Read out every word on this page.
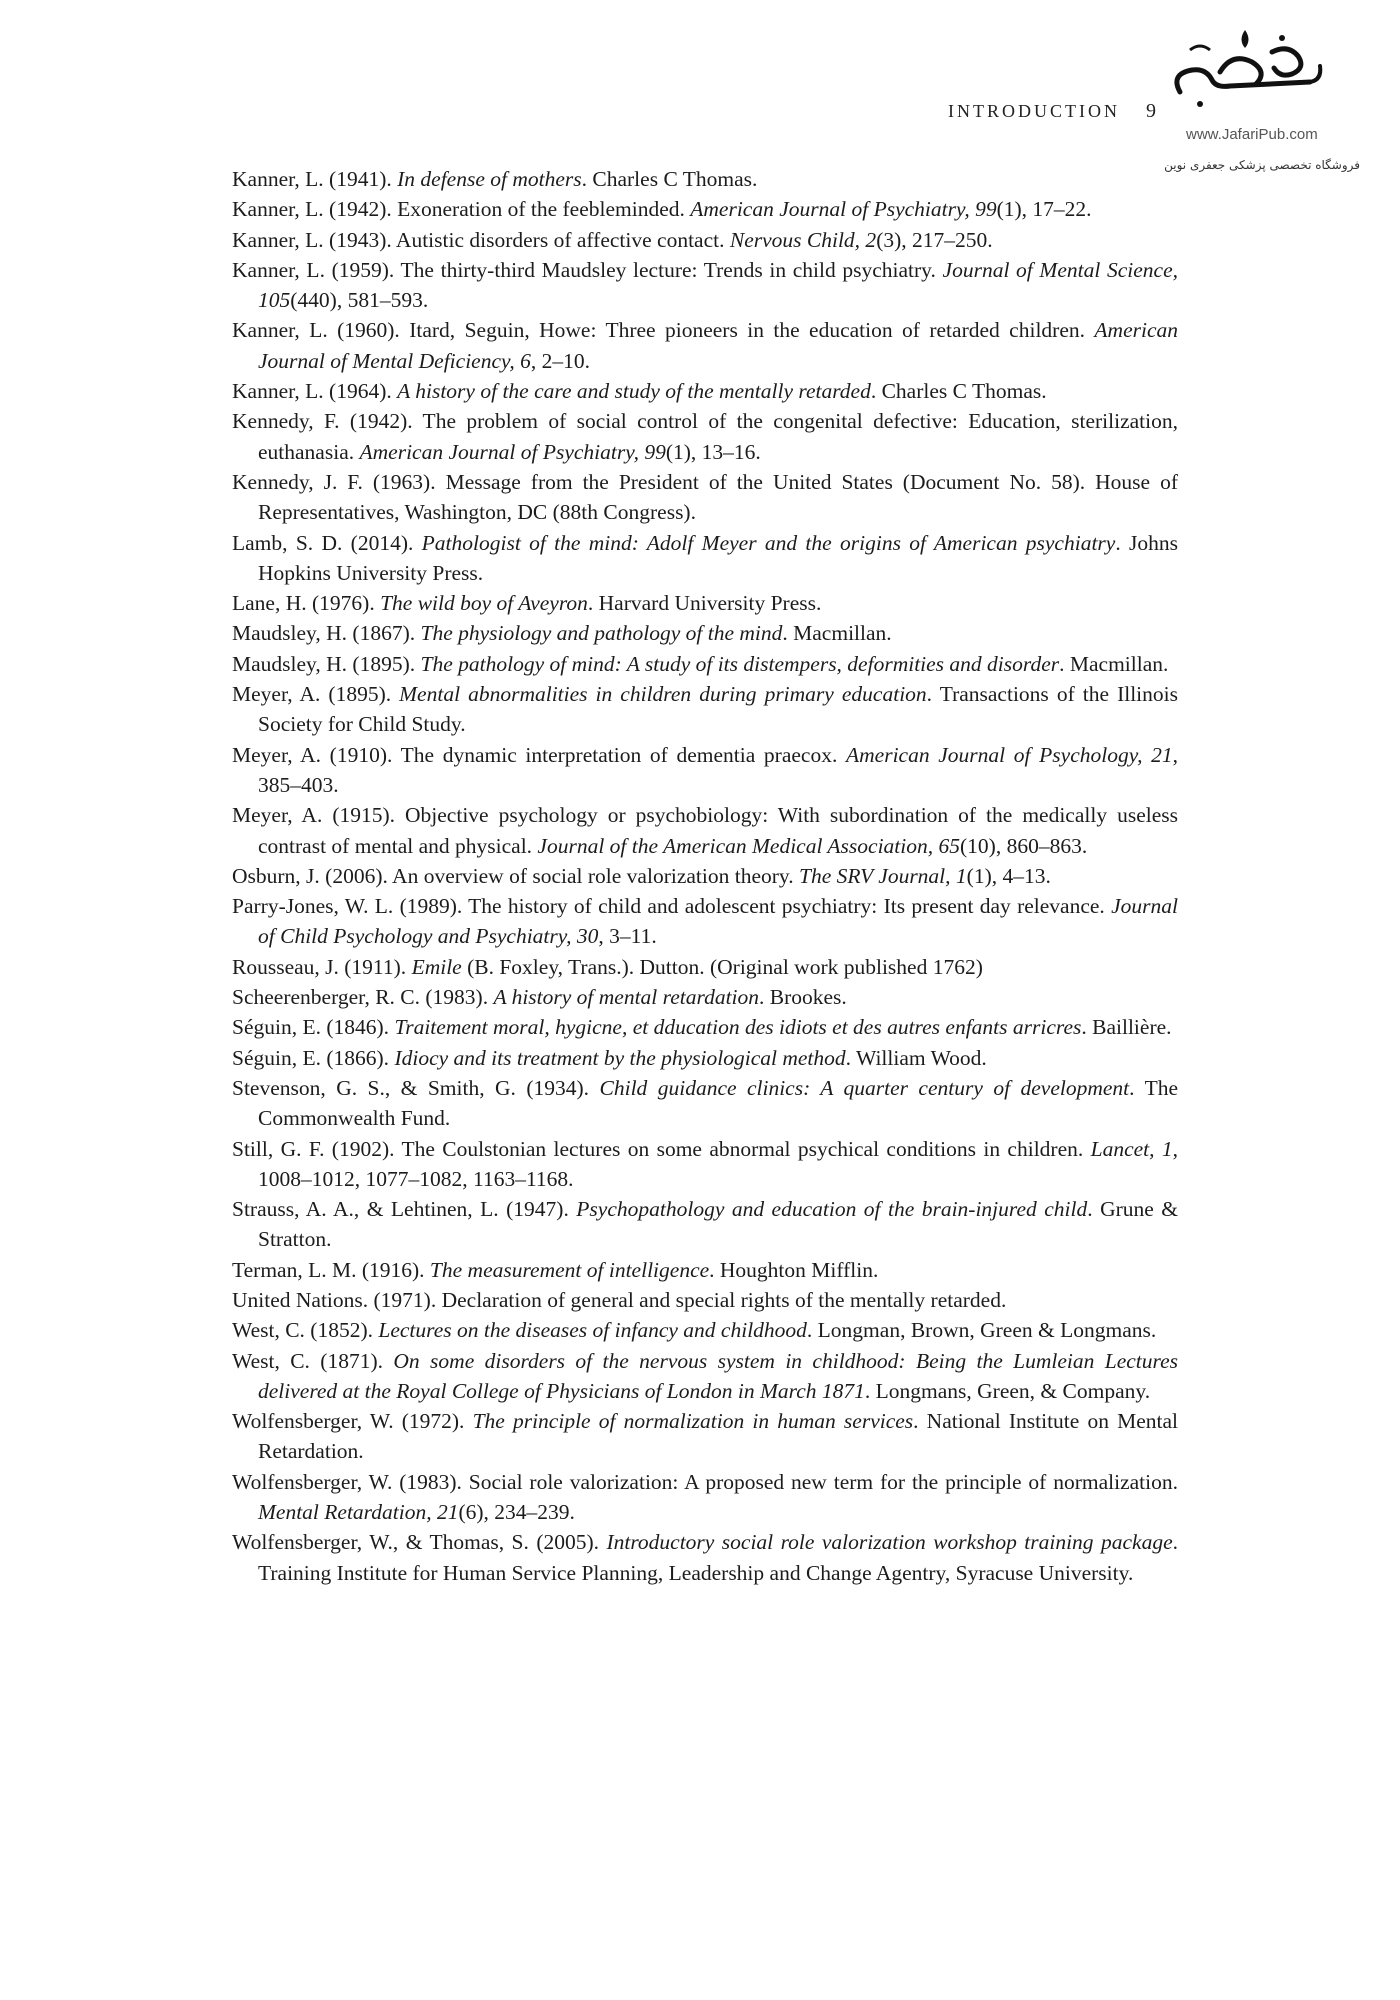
INTRODUCTION 9
www.JafariPub.com
فروشگاه تخصصی پزشکی جعفری نوین
Kanner, L. (1941). In defense of mothers. Charles C Thomas.
Kanner, L. (1942). Exoneration of the feebleminded. American Journal of Psychiatry, 99(1), 17–22.
Kanner, L. (1943). Autistic disorders of affective contact. Nervous Child, 2(3), 217–250.
Kanner, L. (1959). The thirty-third Maudsley lecture: Trends in child psychiatry. Journal of Mental Science, 105(440), 581–593.
Kanner, L. (1960). Itard, Seguin, Howe: Three pioneers in the education of retarded children. American Journal of Mental Deficiency, 6, 2–10.
Kanner, L. (1964). A history of the care and study of the mentally retarded. Charles C Thomas.
Kennedy, F. (1942). The problem of social control of the congenital defective: Education, sterilization, euthanasia. American Journal of Psychiatry, 99(1), 13–16.
Kennedy, J. F. (1963). Message from the President of the United States (Document No. 58). House of Representatives, Washington, DC (88th Congress).
Lamb, S. D. (2014). Pathologist of the mind: Adolf Meyer and the origins of American psychiatry. Johns Hopkins University Press.
Lane, H. (1976). The wild boy of Aveyron. Harvard University Press.
Maudsley, H. (1867). The physiology and pathology of the mind. Macmillan.
Maudsley, H. (1895). The pathology of mind: A study of its distempers, deformities and disorder. Macmillan.
Meyer, A. (1895). Mental abnormalities in children during primary education. Transactions of the Illinois Society for Child Study.
Meyer, A. (1910). The dynamic interpretation of dementia praecox. American Journal of Psychology, 21, 385–403.
Meyer, A. (1915). Objective psychology or psychobiology: With subordination of the medically useless contrast of mental and physical. Journal of the American Medical Association, 65(10), 860–863.
Osburn, J. (2006). An overview of social role valorization theory. The SRV Journal, 1(1), 4–13.
Parry-Jones, W. L. (1989). The history of child and adolescent psychiatry: Its present day relevance. Journal of Child Psychology and Psychiatry, 30, 3–11.
Rousseau, J. (1911). Emile (B. Foxley, Trans.). Dutton. (Original work published 1762)
Scheerenberger, R. C. (1983). A history of mental retardation. Brookes.
Séguin, E. (1846). Traitement moral, hygicne, et dducation des idiots et des autres enfants arricres. Baillière.
Séguin, E. (1866). Idiocy and its treatment by the physiological method. William Wood.
Stevenson, G. S., & Smith, G. (1934). Child guidance clinics: A quarter century of development. The Commonwealth Fund.
Still, G. F. (1902). The Coulstonian lectures on some abnormal psychical conditions in children. Lancet, 1, 1008–1012, 1077–1082, 1163–1168.
Strauss, A. A., & Lehtinen, L. (1947). Psychopathology and education of the brain-injured child. Grune & Stratton.
Terman, L. M. (1916). The measurement of intelligence. Houghton Mifflin.
United Nations. (1971). Declaration of general and special rights of the mentally retarded.
West, C. (1852). Lectures on the diseases of infancy and childhood. Longman, Brown, Green & Longmans.
West, C. (1871). On some disorders of the nervous system in childhood: Being the Lumleian Lectures delivered at the Royal College of Physicians of London in March 1871. Longmans, Green, & Company.
Wolfensberger, W. (1972). The principle of normalization in human services. National Institute on Mental Retardation.
Wolfensberger, W. (1983). Social role valorization: A proposed new term for the principle of normalization. Mental Retardation, 21(6), 234–239.
Wolfensberger, W., & Thomas, S. (2005). Introductory social role valorization workshop training package. Training Institute for Human Service Planning, Leadership and Change Agentry, Syracuse University.
